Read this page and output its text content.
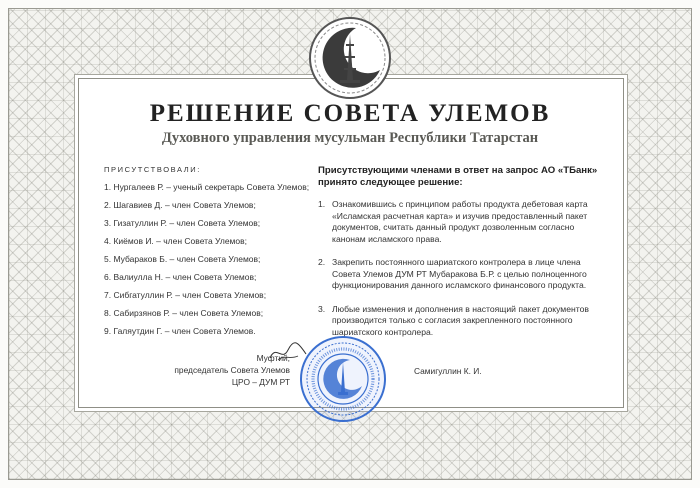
РЕШЕНИЕ СОВЕТА УЛЕМОВ
Духовного управления мусульман Республики Татарстан
ПРИСУТСТВОВАЛИ:
1. Нургалеев Р. – ученый секретарь Совета Улемов;
2. Шагавиев Д. – член Совета Улемов;
3. Гизатуллин Р. – член Совета Улемов;
4. Киёмов И. – член Совета Улемов;
5. Мубараков Б. – член Совета Улемов;
6. Валиулла Н. – член Совета Улемов;
7. Сибгатуллин Р. – член Совета Улемов;
8. Сабирзянов Р. – член Совета Улемов;
9. Галяутдин Г. – член Совета Улемов.
Присутствующими членами в ответ на запрос АО «ТБанк» принято следующее решение:
1. Ознакомившись с принципом работы продукта дебетовая карта «Исламская расчетная карта» и изучив предоставленный пакет документов, считать данный продукт дозволенным согласно канонам исламского права.
2. Закрепить постоянного шариатского контролера в лице члена Совета Улемов ДУМ РТ Мубаракова Б.Р. с целью полноценного функционирования данного исламского финансового продукта.
3. Любые изменения и дополнения в настоящий пакет документов производится только с согласия закрепленного постоянного шариатского контролера.
Муфтий,
председатель Совета Улемов
ЦРО – ДУМ РТ
Самигуллин К. И.
